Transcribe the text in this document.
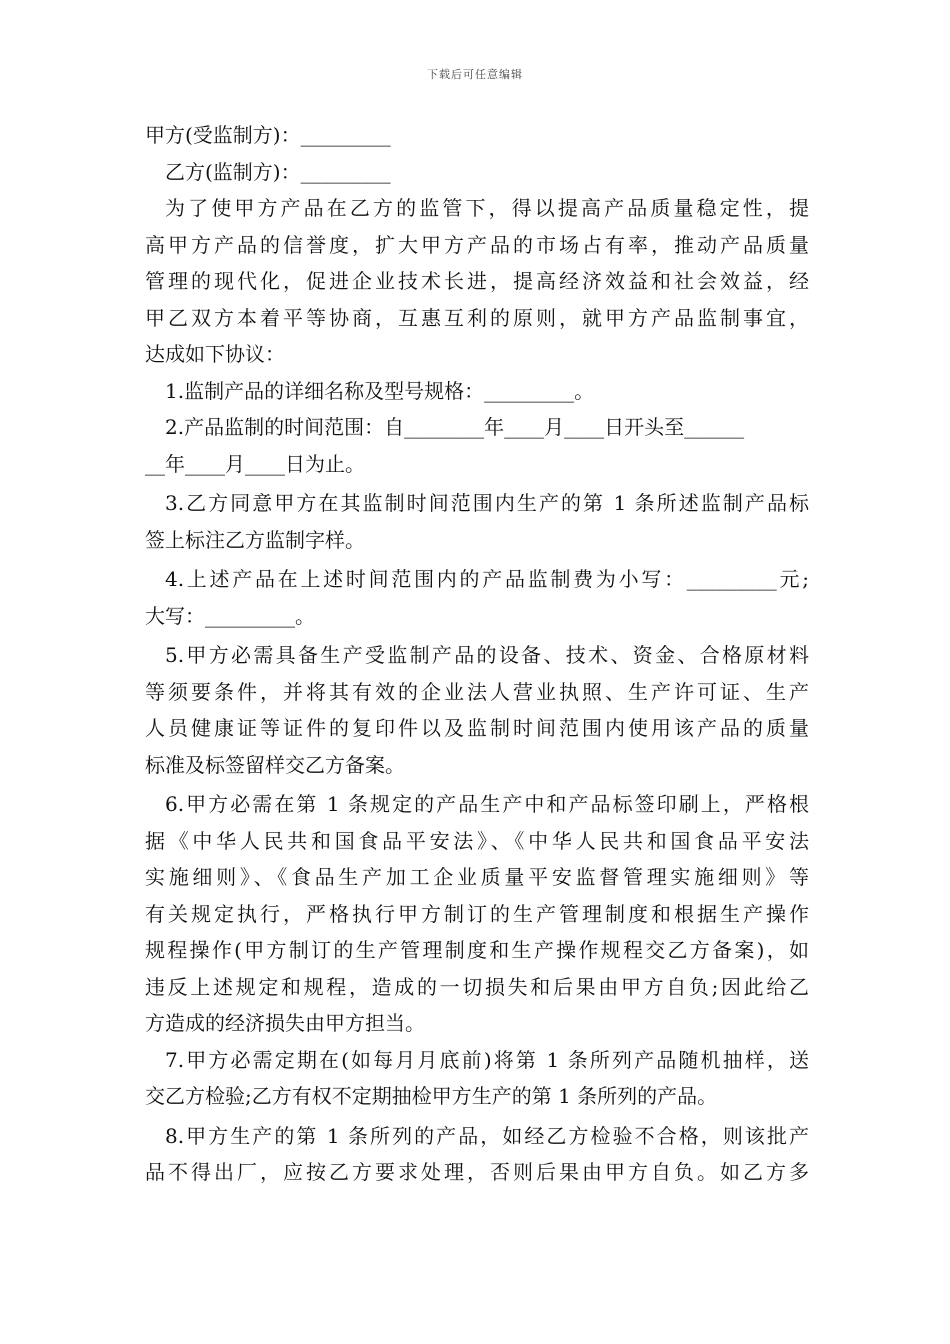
下载后可任意编辑
甲方(受监制方)：_________
乙方(监制方)：_________
为了使甲方产品在乙方的监管下，得以提高产品质量稳定性，提
高甲方产品的信誉度，扩大甲方产品的市场占有率，推动产品质量
管理的现代化，促进企业技术长进，提高经济效益和社会效益，经
甲乙双方本着平等协商，互惠互利的原则，就甲方产品监制事宜，
达成如下协议：
1.监制产品的详细名称及型号规格：_________。
2.产品监制的时间范围：自________年____月____日开头至______
__年____月____日为止。
3.乙方同意甲方在其监制时间范围内生产的第 1 条所述监制产品标
签上标注乙方监制字样。
4.上述产品在上述时间范围内的产品监制费为小写：_________元;
大写：_________。
5.甲方必需具备生产受监制产品的设备、技术、资金、合格原材料
等须要条件，并将其有效的企业法人营业执照、生产许可证、生产
人员健康证等证件的复印件以及监制时间范围内使用该产品的质量
标准及标签留样交乙方备案。
6.甲方必需在第 1 条规定的产品生产中和产品标签印刷上，严格根
据《中华人民共和国食品平安法》、《中华人民共和国食品平安法
实施细则》、《食品生产加工企业质量平安监督管理实施细则》等
有关规定执行，严格执行甲方制订的生产管理制度和根据生产操作
规程操作(甲方制订的生产管理制度和生产操作规程交乙方备案)，如
违反上述规定和规程，造成的一切损失和后果由甲方自负;因此给乙
方造成的经济损失由甲方担当。
7.甲方必需定期在(如每月月底前)将第 1 条所列产品随机抽样，送
交乙方检验;乙方有权不定期抽检甲方生产的第 1 条所列的产品。
8.甲方生产的第 1 条所列的产品，如经乙方检验不合格，则该批产
品不得出厂，应按乙方要求处理，否则后果由甲方自负。如乙方多
